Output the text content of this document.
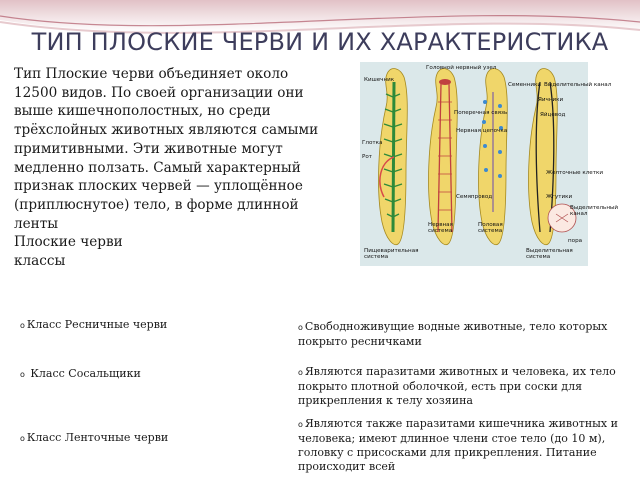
ТИП ПЛОСКИЕ ЧЕРВИ И ИХ ХАРАКТЕРИСТИКА

Тип Плоские черви объединяет около 12500 видов. По своей организации они выше кишечнополостных, но среди трёхслойных животных являются самыми примитивными. Эти животные могут медленно ползать. Самый характерный признак плоских червей — уплощённое (приплюснутое) тело, в форме длинной ленты

Плоские черви

классы

Кишечник
Головной нервный узел
Семенники Выделительный канал
Яичники
Яйцевод
Поперечная связь
Нервная цепочка
Глотка
Рот
Желточные клетки
Семяпровод	Жгутики
Выделительный канал
пора
Нервная система
Половая система
Пищеварительная система
Выделительная система
o Класс Ресничные черви
o Класс Сосальщики
o Класс Ленточные черви
o Свободноживущие водные животные, тело которых покрыто ресничками
o Являются паразитами животных и человека, их тело покрыто плотной оболочкой, есть при соски для прикрепления к телу хозяина
o Являются также паразитами кишечника животных и человека; имеют длинное члени стое тело (до 10 м), головку с присосками для прикрепления. Питание происходит всей
